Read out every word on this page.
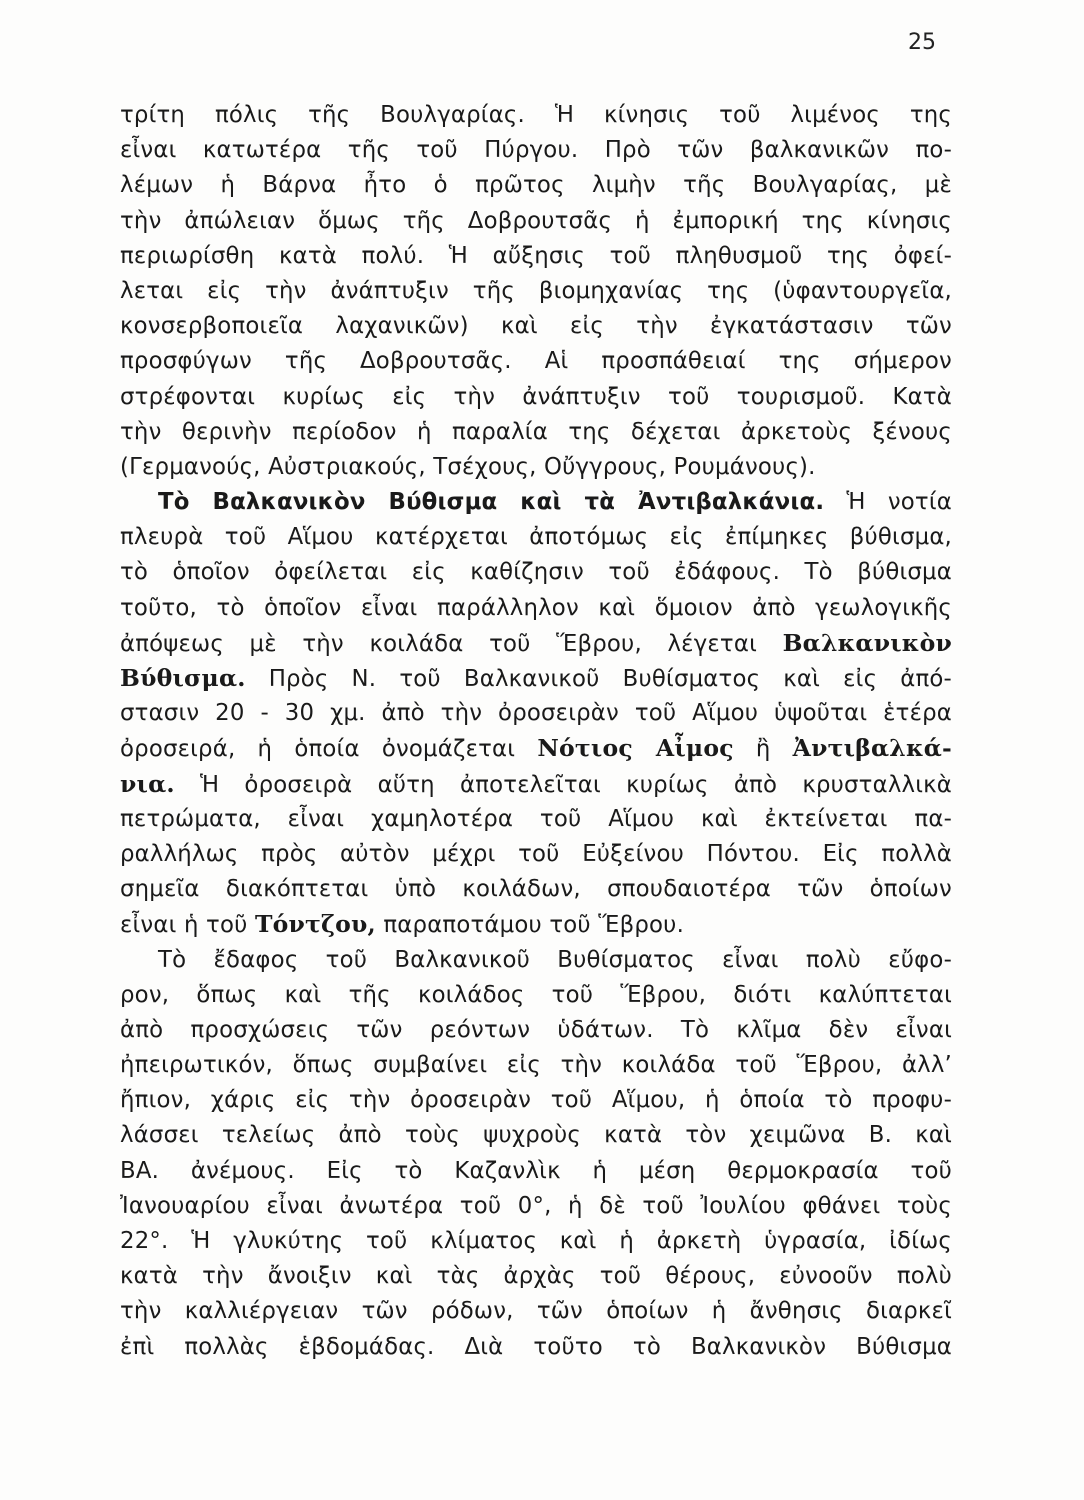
25
τρίτη πόλις τῆς Βουλγαρίας. Ἡ κίνησις τοῦ λιμένος της
εἶναι κατωτέρα τῆς τοῦ Πύργου. Πρὸ τῶν βαλκανικῶν πο-
λέμων ἡ Βάρνα ἦτο ὁ πρῶτος λιμὴν τῆς Βουλγαρίας, μὲ
τὴν ἀπώλειαν ὅμως τῆς Δοβρουτσᾶς ἡ ἐμπορική της κίνησις
περιωρίσθη κατὰ πολύ. Ἡ αὔξησις τοῦ πληθυσμοῦ της ὀφεί-
λεται εἰς τὴν ἀνάπτυξιν τῆς βιομηχανίας της (ὑφαντουργεῖα,
κονσερβοποιεῖα λαχανικῶν) καὶ εἰς τὴν ἐγκατάστασιν τῶν
προσφύγων τῆς Δοβρουτσᾶς. Αἱ προσπάθειαί της σήμερον
στρέφονται κυρίως εἰς τὴν ἀνάπτυξιν τοῦ τουρισμοῦ. Κατὰ
τὴν θερινὴν περίοδον ἡ παραλία της δέχεται ἀρκετοὺς ξένους
(Γερμανούς, Αὐστριακούς, Τσέχους, Οὔγγρους, Ρουμάνους).
Τὸ Βαλκανικὸν Βύθισμα καὶ τὰ Ἀντιβαλκάνια. Ἡ νοτία
πλευρὰ τοῦ Αἵμου κατέρχεται ἀποτόμως εἰς ἐπίμηκες βύθισμα,
τὸ ὁποῖον ὀφείλεται εἰς καθίζησιν τοῦ ἐδάφους. Τὸ βύθισμα
τοῦτο, τὸ ὁποῖον εἶναι παράλληλον καὶ ὅμοιον ἀπὸ γεωλογικῆς
ἀπόψεως μὲ τὴν κοιλάδα τοῦ Ἕβρου, λέγεται Βαλκανικὸν
Βύθισμα. Πρὸς Ν. τοῦ Βαλκανικοῦ Βυθίσματος καὶ εἰς ἀπό-
στασιν 20 - 30 χμ. ἀπὸ τὴν ὀροσειρὰν τοῦ Αἵμου ὑψοῦται ἑτέρα
ὀροσειρά, ἡ ὁποία ὀνομάζεται Νότιος Αἶμος ἢ Ἀντιβαλκά-
νια. Ἡ ὀροσειρὰ αὕτη ἀποτελεῖται κυρίως ἀπὸ κρυσταλλικὰ
πετρώματα, εἶναι χαμηλοτέρα τοῦ Αἵμου καὶ ἐκτείνεται πα-
ραλλήλως πρὸς αὐτὸν μέχρι τοῦ Εὐξείνου Πόντου. Εἰς πολλὰ
σημεῖα διακόπτεται ὑπὸ κοιλάδων, σπουδαιοτέρα τῶν ὁποίων
εἶναι ἡ τοῦ Τόντζου, παραποτάμου τοῦ Ἕβρου.
Τὸ ἔδαφος τοῦ Βαλκανικοῦ Βυθίσματος εἶναι πολὺ εὔφο-
ρον, ὅπως καὶ τῆς κοιλάδος τοῦ Ἕβρου, διότι καλύπτεται
ἀπὸ προσχώσεις τῶν ρεόντων ὑδάτων. Τὸ κλῖμα δὲν εἶναι
ἠπειρωτικόν, ὅπως συμβαίνει εἰς τὴν κοιλάδα τοῦ Ἕβρου, ἀλλ’
ἤπιον, χάρις εἰς τὴν ὀροσειρὰν τοῦ Αἵμου, ἡ ὁποία τὸ προφυ-
λάσσει τελείως ἀπὸ τοὺς ψυχροὺς κατὰ τὸν χειμῶνα Β. καὶ
ΒΑ. ἀνέμους. Εἰς τὸ Καζανλὶκ ἡ μέση θερμοκρασία τοῦ
Ἰανουαρίου εἶναι ἀνωτέρα τοῦ 0°, ἡ δὲ τοῦ Ἰουλίου φθάνει τοὺς
22°. Ἡ γλυκύτης τοῦ κλίματος καὶ ἡ ἀρκετὴ ὑγρασία, ἰδίως
κατὰ τὴν ἄνοιξιν καὶ τὰς ἀρχὰς τοῦ θέρους, εὐνοοῦν πολὺ
τὴν καλλιέργειαν τῶν ρόδων, τῶν ὁποίων ἡ ἄνθησις διαρκεῖ
ἐπὶ πολλὰς ἑβδομάδας. Διὰ τοῦτο τὸ Βαλκανικὸν Βύθισμα
